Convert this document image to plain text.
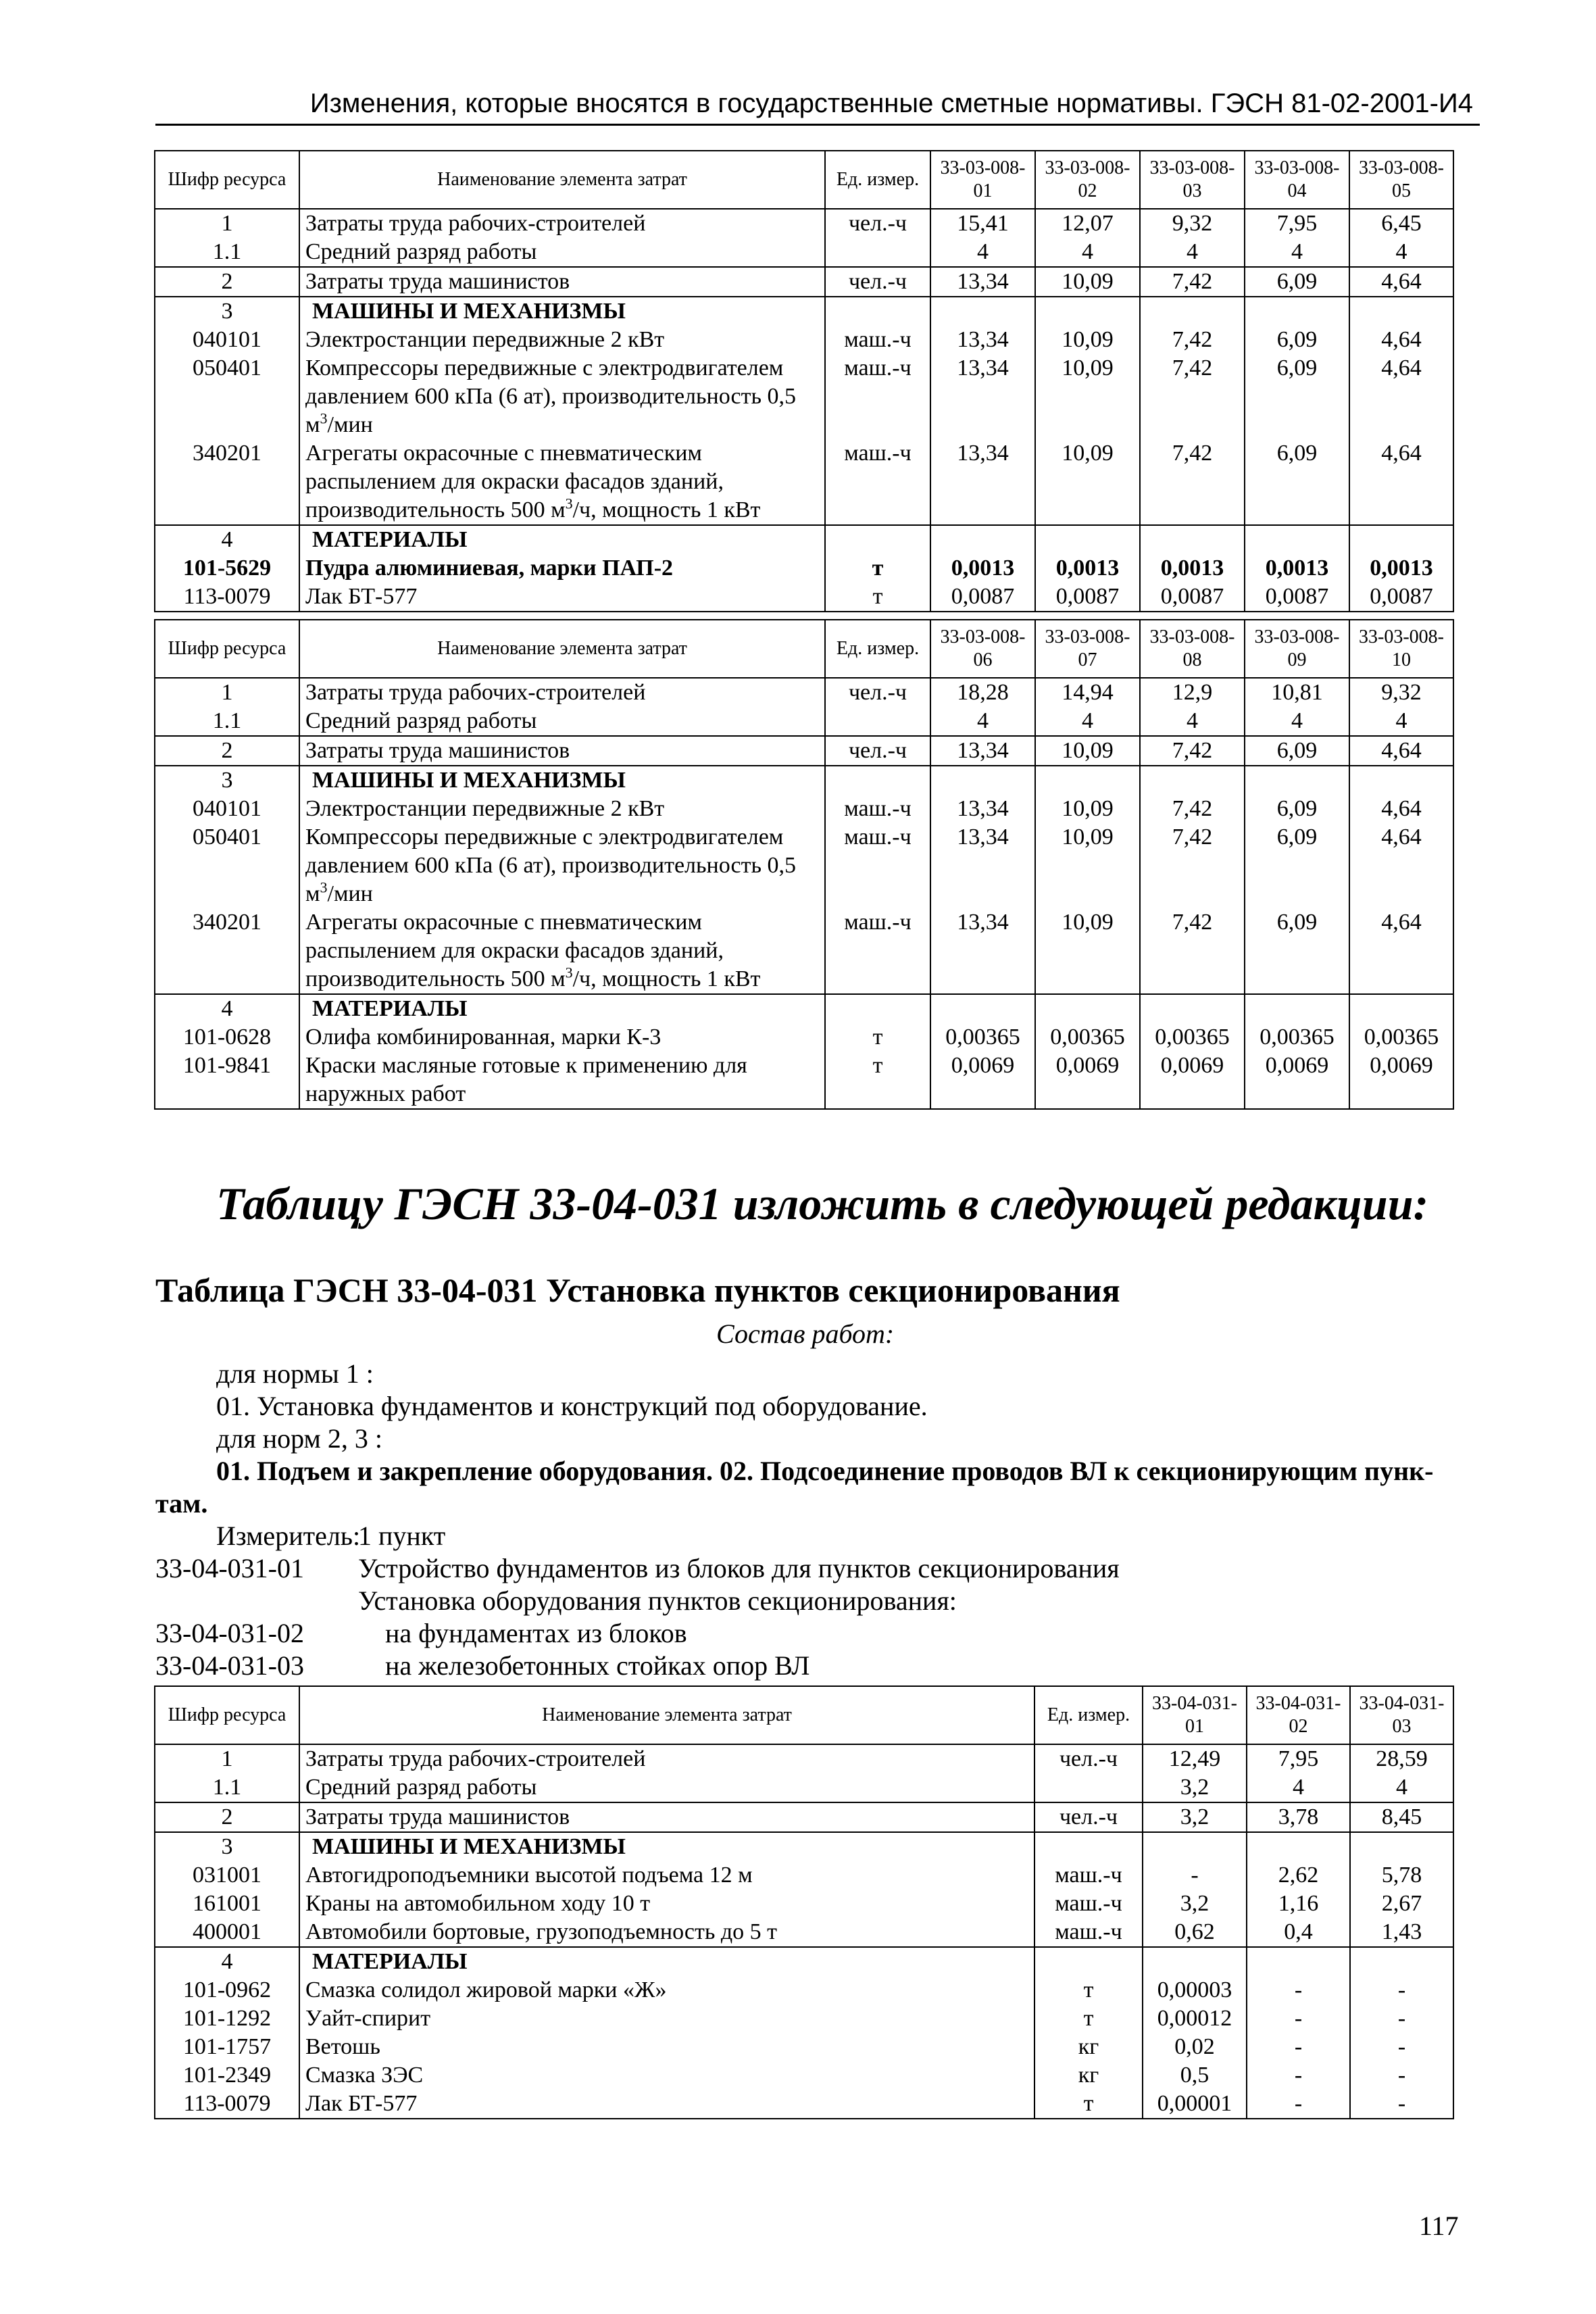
Изменения, которые вносятся в государственные сметные нормативы. ГЭСН 81-02-2001-И4
Шифр ресурса	Наименование элемента затрат	Ед. измер.	33-03-008-01	33-03-008-02	33-03-008-03	33-03-008-04	33-03-008-05
1	Затраты труда рабочих-строителей	чел.-ч	15,41	12,07	9,32	7,95	6,45
1.1	Средний разряд работы		4	4	4	4	4
2	Затраты труда машинистов	чел.-ч	13,34	10,09	7,42	6,09	4,64
3	МАШИНЫ И МЕХАНИЗМЫ						
040101	Электростанции передвижные 2 кВт	маш.-ч	13,34	10,09	7,42	6,09	4,64
050401	Компрессоры передвижные с электродвигателем давлением 600 кПа (6 ат), производительность 0,5 $м^3$/мин	маш.-ч	13,34	10,09	7,42	6,09	4,64
340201	Агрегаты окрасочные с пневматическим распылением для окраски фасадов зданий, производительность 500 $м^3/ч$, мощность 1 кВт	маш.-ч	13,34	10,09	7,42	6,09	4,64
4	МАТЕРИАЛЫ						
101-5629	Пудра алюминиевая, марки ПАП-2	т	0,0013	0,0013	0,0013	0,0013	0,0013
113-0079	Лак БТ-577	т	0,0087	0,0087	0,0087	0,0087	0,0087
Шифр ресурса	Наименование элемента затрат	Ед. измер.	33-03-008-06	33-03-008-07	33-03-008-08	33-03-008-09	33-03-008-10
1	Затраты труда рабочих-строителей	чел.-ч	18,28	14,94	12,9	10,81	9,32
1.1	Средний разряд работы		4	4	4	4	4
2	Затраты труда машинистов	чел.-ч	13,34	10,09	7,42	6,09	4,64
3	МАШИНЫ И МЕХАНИЗМЫ						
040101	Электростанции передвижные 2 кВт	маш.-ч	13,34	10,09	7,42	6,09	4,64
050401	Компрессоры передвижные с электродвигателем давлением 600 кПа (6 ат), производительность 0,5 $м^3$/мин	маш.-ч	13,34	10,09	7,42	6,09	4,64
340201	Агрегаты окрасочные с пневматическим распылением для окраски фасадов зданий, производительность 500 $м^3/ч$, мощность 1 кВт	маш.-ч	13,34	10,09	7,42	6,09	4,64
4	МАТЕРИАЛЫ						
101-0628	Олифа комбинированная, марки К-3	т	0,00365	0,00365	0,00365	0,00365	0,00365
101-9841	Краски масляные готовые к применению для наружных работ	т	0,0069	0,0069	0,0069	0,0069	0,0069
Таблицу ГЭСН 33-04-031 изложить в следующей редакции:
Таблица ГЭСН 33-04-031 Установка пунктов секционирования
Состав работ:
для нормы 1 :
01. Установка фундаментов и конструкций под оборудование.
для норм 2, 3 :
01. Подъем и закрепление оборудования. 02. Подсоединение проводов ВЛ к секционирующим пунк-
там.
Измеритель:
1 пункт
33-04-031-01 Устройство фундаментов из блоков для пунктов секционирования
Установка оборудования пунктов секционирования:
33-04-031-02	на фундаментах из блоков
33-04-031-03	на железобетонных стойках опор ВЛ
Шифр ресурса	Наименование элемента затрат	Ед. измер.	33-04-031-01	33-04-031-02	33-04-031-03
1	Затраты труда рабочих-строителей	чел.-ч	12,49	7,95	28,59
1.1	Средний разряд работы		3,2	4	4
2	Затраты труда машинистов	чел.-ч	3,2	3,78	8,45
3	МАШИНЫ И МЕХАНИЗМЫ				
031001	Автогидроподъемники высотой подъема 12 м	маш.-ч	-	2,62	5,78
161001	Краны на автомобильном ходу 10 т	маш.-ч	3,2	1,16	2,67
400001	Автомобили бортовые, грузоподъемность до 5 т	маш.-ч	0,62	0,4	1,43
4	МАТЕРИАЛЫ				
101-0962	Смазка солидол жировой марки «Ж»	т	0,00003	-	-
101-1292	Уайт-спирит	т	0,00012	-	-
101-1757	Ветошь	кг	0,02	-	-
101-2349	Смазка ЗЭС	кг	0,5	-	-
113-0079	Лак БТ-577	т	0,00001	-	-
117
